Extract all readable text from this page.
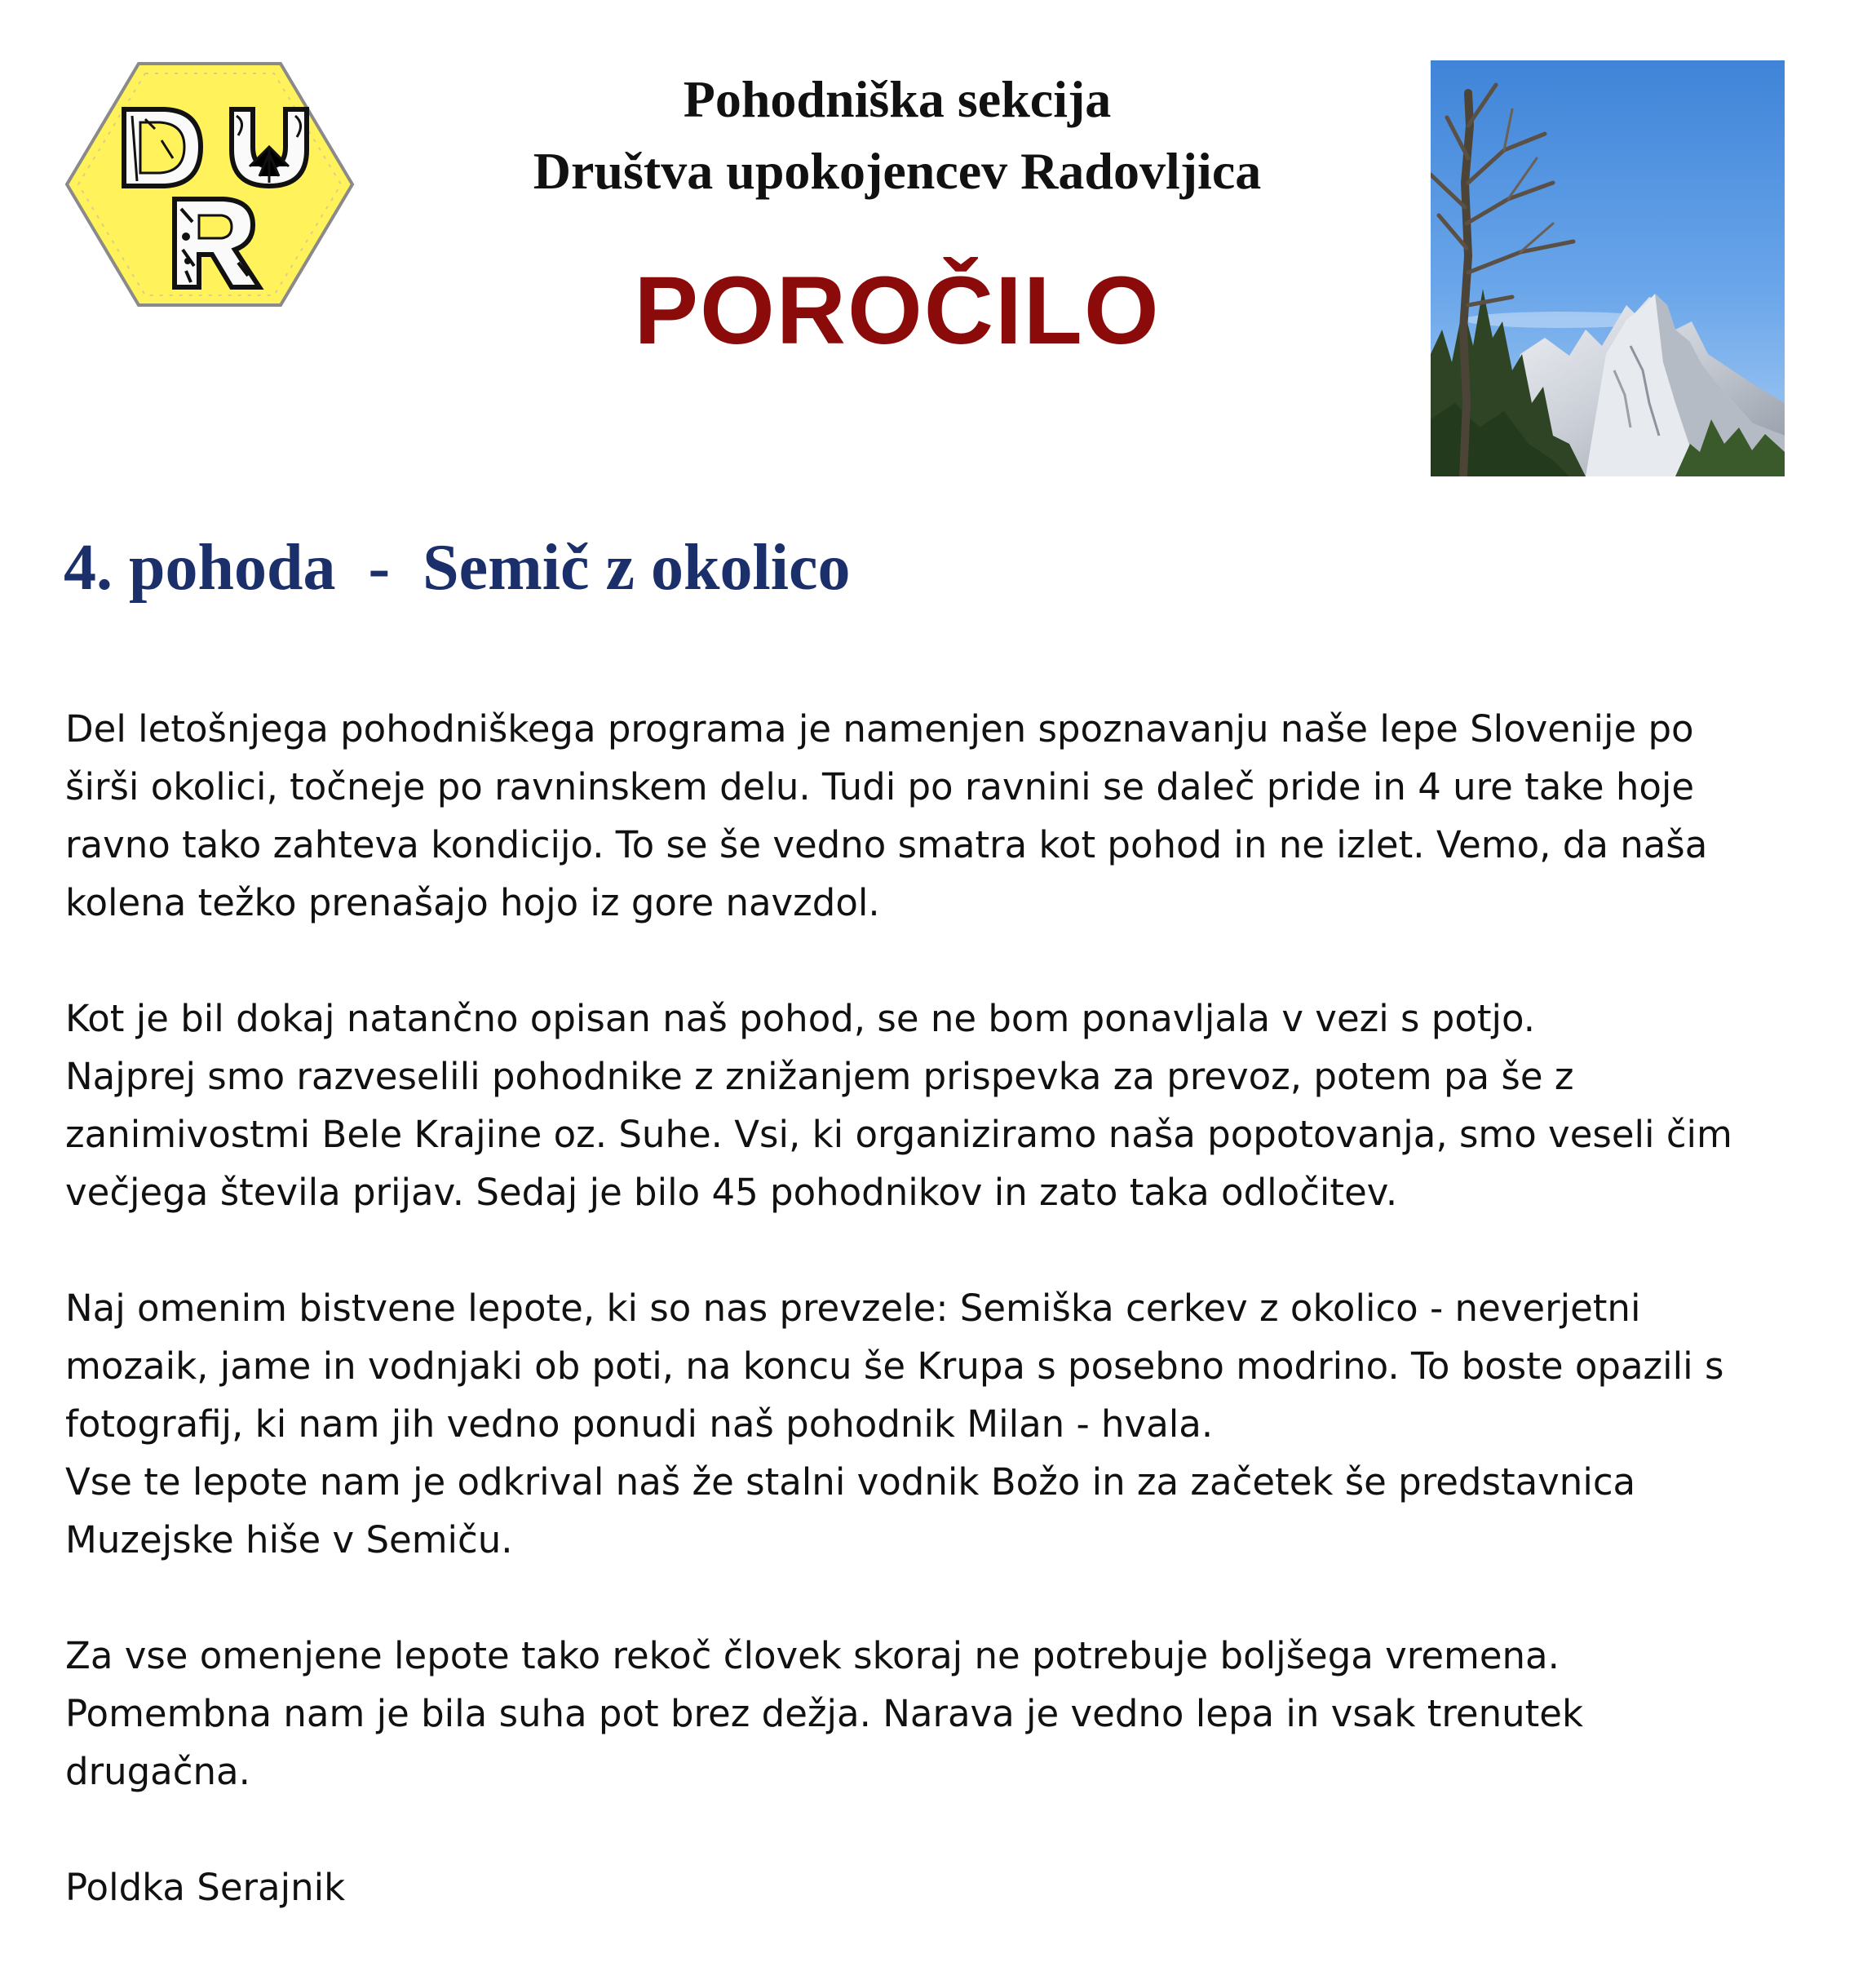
Pohodniška sekcija
Društva upokojencev Radovljica
POROČILO
4. pohoda  -  Semič z okolico

Del letošnjega pohodniškega programa je namenjen spoznavanju naše lepe Slovenije po
širši okolici, točneje po ravninskem delu. Tudi po ravnini se daleč pride in 4 ure take hoje
ravno tako zahteva kondicijo. To se še vedno smatra kot pohod in ne izlet. Vemo, da naša
kolena težko prenašajo hojo iz gore navzdol.

Kot je bil dokaj natančno opisan naš pohod, se ne bom ponavljala v vezi s potjo.
Najprej smo razveselili pohodnike z znižanjem prispevka za prevoz, potem pa še z
zanimivostmi Bele Krajine oz. Suhe. Vsi, ki organiziramo naša popotovanja, smo veseli čim
večjega števila prijav. Sedaj je bilo 45 pohodnikov in zato taka odločitev.

Naj omenim bistvene lepote, ki so nas prevzele: Semiška cerkev z okolico - neverjetni
mozaik, jame in vodnjaki ob poti, na koncu še Krupa s posebno modrino. To boste opazili s
fotografij, ki nam jih vedno ponudi naš pohodnik Milan - hvala.
Vse te lepote nam je odkrival naš že stalni vodnik Božo in za začetek še predstavnica
Muzejske hiše v Semiču.

Za vse omenjene lepote tako rekoč človek skoraj ne potrebuje boljšega vremena.
Pomembna nam je bila suha pot brez dežja. Narava je vedno lepa in vsak trenutek
drugačna.

Poldka Serajnik
